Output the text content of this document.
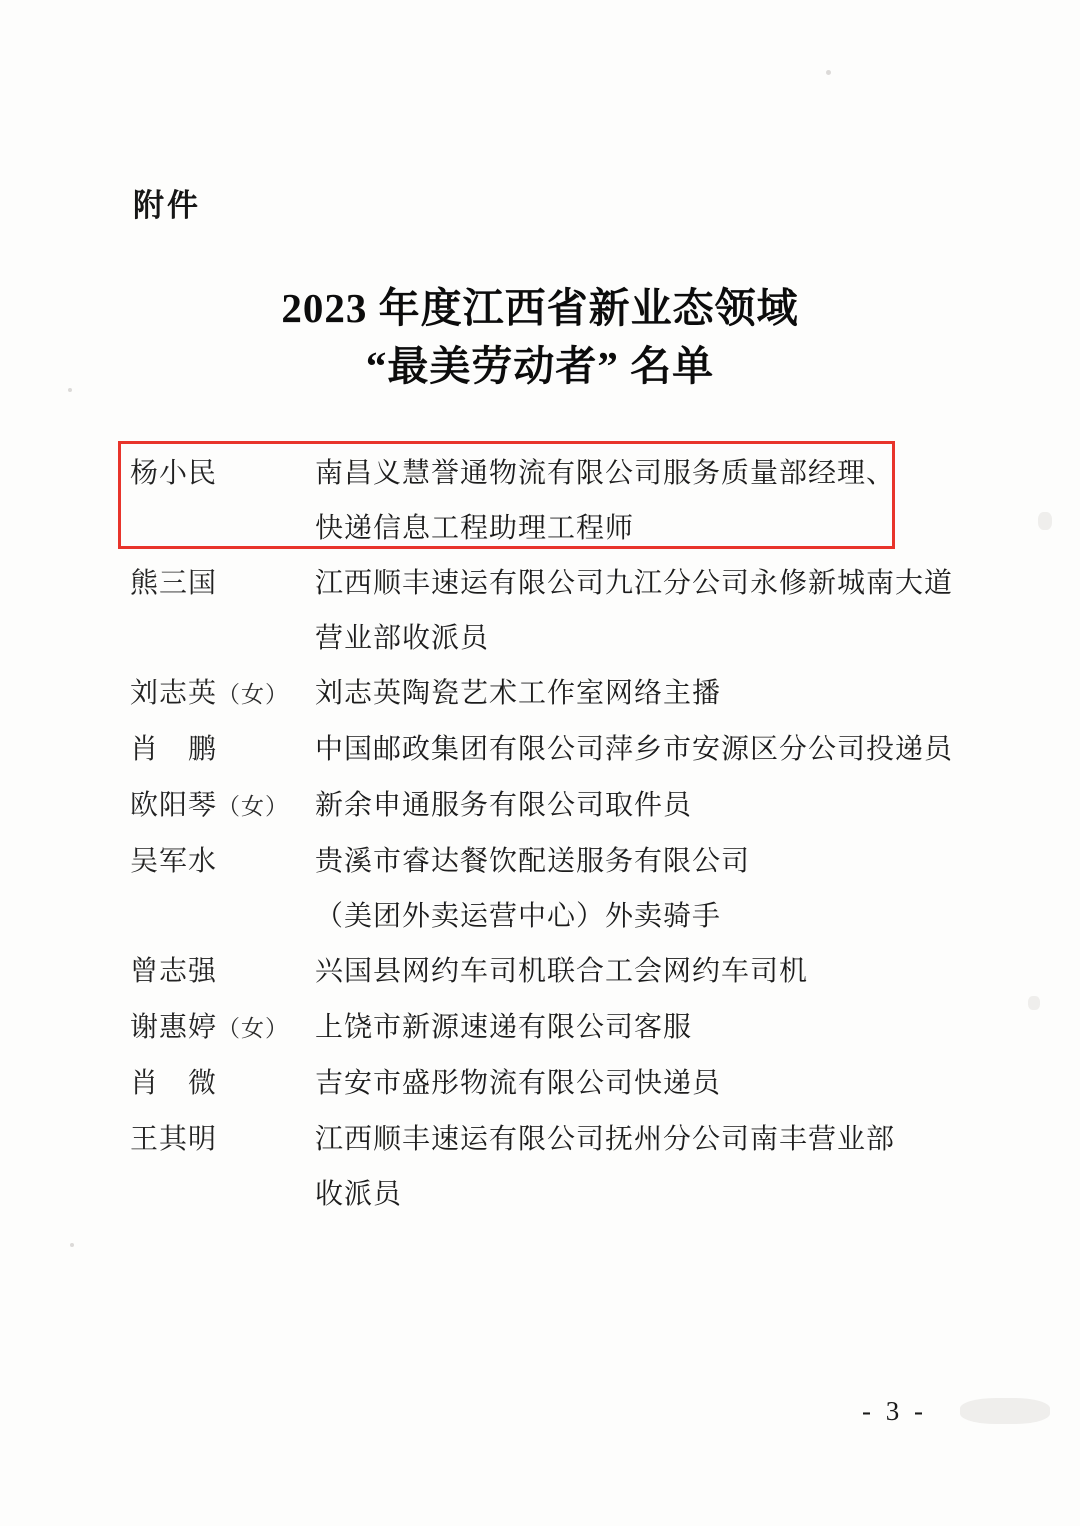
附件
2023 年度江西省新业态领域
“最美劳动者” 名单
杨小民	南昌义慧誉通物流有限公司服务质量部经理、
快递信息工程助理工程师
熊三国	江西顺丰速运有限公司九江分公司永修新城南大道
营业部收派员
刘志英（女） 刘志英陶瓷艺术工作室网络主播
肖　鹏	中国邮政集团有限公司萍乡市安源区分公司投递员
欧阳琴（女） 新余申通服务有限公司取件员
吴军水	贵溪市睿达餐饮配送服务有限公司
（美团外卖运营中心）外卖骑手
曾志强	兴国县网约车司机联合工会网约车司机
谢惠婷（女） 上饶市新源速递有限公司客服
肖　微	吉安市盛彤物流有限公司快递员
王其明	江西顺丰速运有限公司抚州分公司南丰营业部
收派员
- 3 -
